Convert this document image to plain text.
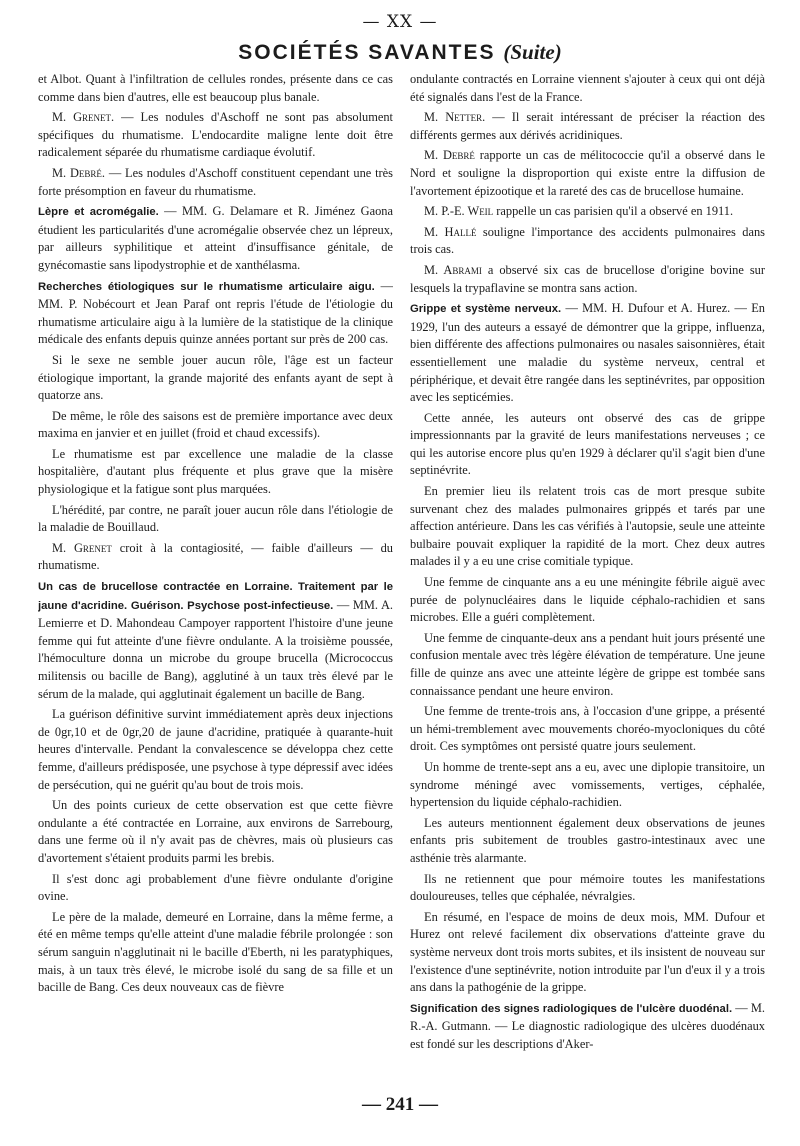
— XX —
SOCIÉTÉS SAVANTES (Suite)

et Albot. Quant à l'infiltration de cellules rondes, présente dans ce cas comme dans bien d'autres, elle est beaucoup plus banale.

M. Grenet. — Les nodules d'Aschoff ne sont pas absolument spécifiques du rhumatisme. L'endocardite maligne lente doit être radicalement séparée du rhumatisme cardiaque évolutif.

M. Debré. — Les nodules d'Aschoff constituent cependant une très forte présomption en faveur du rhumatisme.

Lèpre et acromégalie. — MM. G. Delamare et R. Jiménez Gaona étudient les particularités d'une acromégalie observée chez un lépreux, par ailleurs syphilitique et atteint d'insuffisance génitale, de gynécomastie sans lipodystrophie et de xanthélasma.

Recherches étiologiques sur le rhumatisme articulaire aigu. — MM. P. Nobécourt et Jean Paraf ont repris l'étude de l'étiologie du rhumatisme articulaire aigu à la lumière de la statistique de la clinique médicale des enfants depuis quinze années portant sur près de 200 cas.

Si le sexe ne semble jouer aucun rôle, l'âge est un facteur étiologique important, la grande majorité des enfants ayant de sept à quatorze ans.

De même, le rôle des saisons est de première importance avec deux maxima en janvier et en juillet (froid et chaud excessifs).

Le rhumatisme est par excellence une maladie de la classe hospitalière, d'autant plus fréquente et plus grave que la misère physiologique et la fatigue sont plus marquées.

L'hérédité, par contre, ne paraît jouer aucun rôle dans l'étiologie de la maladie de Bouillaud.

M. Grenet croit à la contagiosité, — faible d'ailleurs — du rhumatisme.

Un cas de brucellose contractée en Lorraine. Traitement par le jaune d'acridine. Guérison. Psychose post-infectieuse. — MM. A. Lemierre et D. Mahondeau Campoyer rapportent l'histoire d'une jeune femme qui fut atteinte d'une fièvre ondulante. A la troisième poussée, l'hémoculture donna un microbe du groupe brucella (Micrococcus militensis ou bacille de Bang), agglutiné à un taux très élevé par le sérum de la malade, qui agglutinait également un bacille de Bang.

La guérison définitive survint immédiatement après deux injections de 0gr,10 et de 0gr,20 de jaune d'acridine, pratiquée à quarante-huit heures d'intervalle. Pendant la convalescence se développa chez cette femme, d'ailleurs prédisposée, une psychose à type dépressif avec idées de persécution, qui ne guérit qu'au bout de trois mois.

Un des points curieux de cette observation est que cette fièvre ondulante a été contractée en Lorraine, aux environs de Sarrebourg, dans une ferme où il n'y avait pas de chèvres, mais où plusieurs cas d'avortement s'étaient produits parmi les brebis.

Il s'est donc agi probablement d'une fièvre ondulante d'origine ovine.

Le père de la malade, demeuré en Lorraine, dans la même ferme, a été en même temps qu'elle atteint d'une maladie fébrile prolongée : son sérum sanguin n'agglutinait ni le bacille d'Eberth, ni les paratyphiques, mais, à un taux très élevé, le microbe isolé du sang de sa fille et un bacille de Bang. Ces deux nouveaux cas de fièvre

ondulante contractés en Lorraine viennent s'ajouter à ceux qui ont déjà été signalés dans l'est de la France.

M. Netter. — Il serait intéressant de préciser la réaction des différents germes aux dérivés acridiniques.

M. Debré rapporte un cas de mélitococcie qu'il a observé dans le Nord et souligne la disproportion qui existe entre la diffusion de l'avortement épizootique et la rareté des cas de brucellose humaine.

M. P.-E. Weil rappelle un cas parisien qu'il a observé en 1911.

M. Hallé souligne l'importance des accidents pulmonaires dans trois cas.

M. Abrami a observé six cas de brucellose d'origine bovine sur lesquels la trypaflavine se montra sans action.

Grippe et système nerveux. — MM. H. Dufour et A. Hurez. — En 1929, l'un des auteurs a essayé de démontrer que la grippe, influenza, bien différente des affections pulmonaires ou nasales saisonnières, était essentiellement une maladie du système nerveux, central et périphérique, et devait être rangée dans les septinévrites, par opposition avec les septicémies.

Cette année, les auteurs ont observé des cas de grippe impressionnants par la gravité de leurs manifestations nerveuses ; ce qui les autorise encore plus qu'en 1929 à déclarer qu'il s'agit bien d'une septinévrite.

En premier lieu ils relatent trois cas de mort presque subite survenant chez des malades pulmonaires grippés et tarés par une affection antérieure. Dans les cas vérifiés à l'autopsie, seule une atteinte bulbaire pouvait expliquer la rapidité de la mort. Chez deux autres malades il y a eu une crise comitiale typique.

Une femme de cinquante ans a eu une méningite fébrile aiguë avec purée de polynucléaires dans le liquide céphalo-rachidien et sans microbes. Elle a guéri complètement.

Une femme de cinquante-deux ans a pendant huit jours présenté une confusion mentale avec très légère élévation de température. Une jeune fille de quinze ans avec une atteinte légère de grippe est tombée sans connaissance pendant une heure environ.

Une femme de trente-trois ans, à l'occasion d'une grippe, a présenté un hémi-tremblement avec mouvements choréo-myocloniques du côté droit. Ces symptômes ont persisté quatre jours seulement.

Un homme de trente-sept ans a eu, avec une diplopie transitoire, un syndrome méningé avec vomissements, vertiges, céphalée, hypertension du liquide céphalo-rachidien.

Les auteurs mentionnent également deux observations de jeunes enfants pris subitement de troubles gastro-intestinaux avec une asthénie très alarmante.

Ils ne retiennent que pour mémoire toutes les manifestations douloureuses, telles que céphalée, névralgies.

En résumé, en l'espace de moins de deux mois, MM. Dufour et Hurez ont relevé facilement dix observations d'atteinte grave du système nerveux dont trois morts subites, et ils insistent de nouveau sur l'existence d'une septinévrite, notion introduite par l'un d'eux il y a trois ans dans la pathogénie de la grippe.

Signification des signes radiologiques de l'ulcère duodénal. — M. R.-A. Gutmann. — Le diagnostic radiologique des ulcères duodénaux est fondé sur les descriptions d'Aker-

— 241 —
